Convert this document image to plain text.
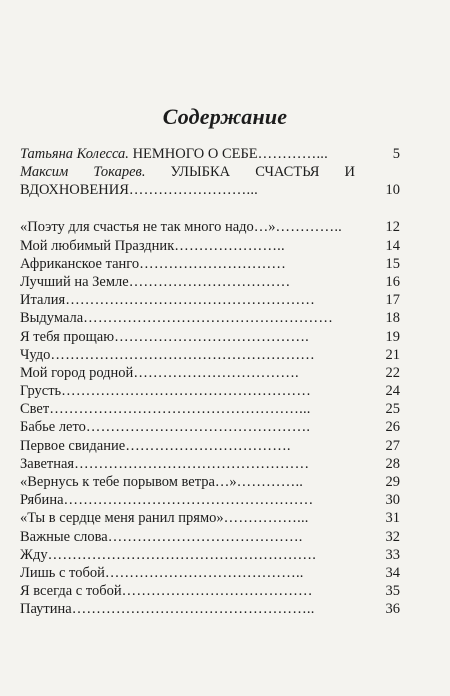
Содержание
Татьяна Колесса. НЕМНОГО О СЕБЕ…………...	5
Максим Токарев. УЛЫБКА СЧАСТЬЯ И
ВДОХНОВЕНИЯ……………………...	10
«Поэту для счастья не так много надо…»…………..	12
Мой любимый Праздник…………………..	14
Африканское танго…………………………	15
Лучший на Земле……………………………	16
Италия……………………………………………	17
Выдумала……………………………………………	18
Я тебя прощаю………………………………….	19
Чудо………………………………………………	21
Мой город родной…………………………….	22
Грусть……………………………………………	24
Свет……………………………………………...	25
Бабье лето……………………………………….	26
Первое свидание…………………………….	27
Заветная…………………………………………	28
«Вернусь к тебе порывом ветра…»…………..	29
Рябина……………………………………………	30
«Ты в сердце меня ранил прямо»……………...	31
Важные слова………………………………….	32
Жду……………………………………………….	33
Лишь с тобой…………………………………..	34
Я всегда с тобой…………………………………	35
Паутина…………………………………………..	36
